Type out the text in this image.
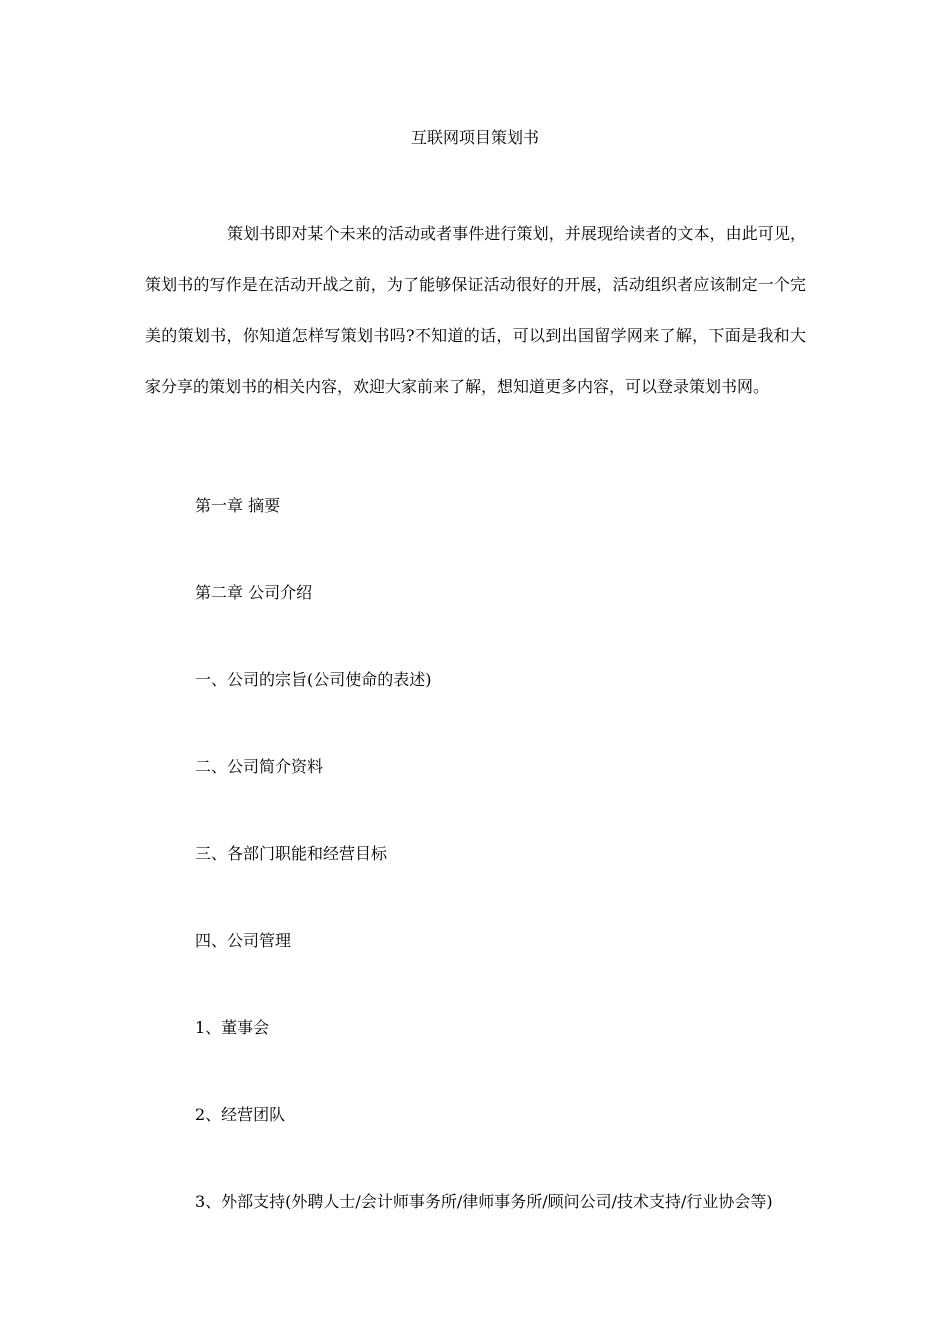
互联网项目策划书

策划书即对某个未来的活动或者事件进行策划，并展现给读者的文本，由此可见，策划书的写作是在活动开战之前，为了能够保证活动很好的开展，活动组织者应该制定一个完美的策划书，你知道怎样写策划书吗?不知道的话，可以到出国留学网来了解，下面是我和大家分享的策划书的相关内容，欢迎大家前来了解，想知道更多内容，可以登录策划书网。

第一章 摘要
第二章 公司介绍
一、公司的宗旨(公司使命的表述)
二、公司简介资料
三、各部门职能和经营目标
四、公司管理
1、董事会
2、经营团队
3、外部支持(外聘人士/会计师事务所/律师事务所/顾问公司/技术支持/行业协会等)
